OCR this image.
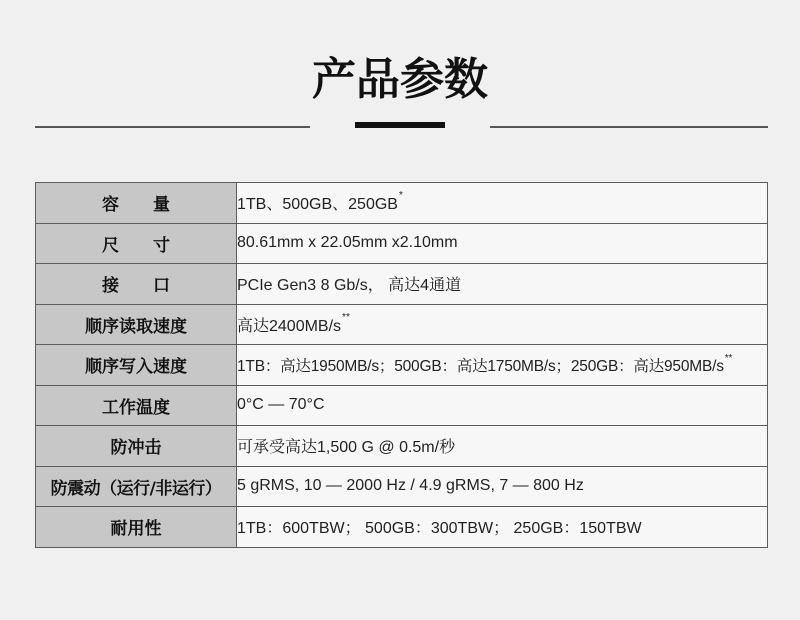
产品参数
容　　量	1TB、500GB、250GB*
尺　　寸	80.61mm x 22.05mm x2.10mm
接　　口	PCIe Gen3 8 Gb/s， 高达4通道
顺序读取速度	高达2400MB/s**
顺序写入速度	1TB：高达1950MB/s；500GB：高达1750MB/s；250GB：高达950MB/s**
工作温度	0°C — 70°C
防冲击	可承受高达1,500 G @ 0.5m/秒
防震动（运行/非运行）	5 gRMS, 10 — 2000 Hz / 4.9 gRMS, 7 — 800 Hz
耐用性	1TB：600TBW； 500GB：300TBW； 250GB：150TBW
